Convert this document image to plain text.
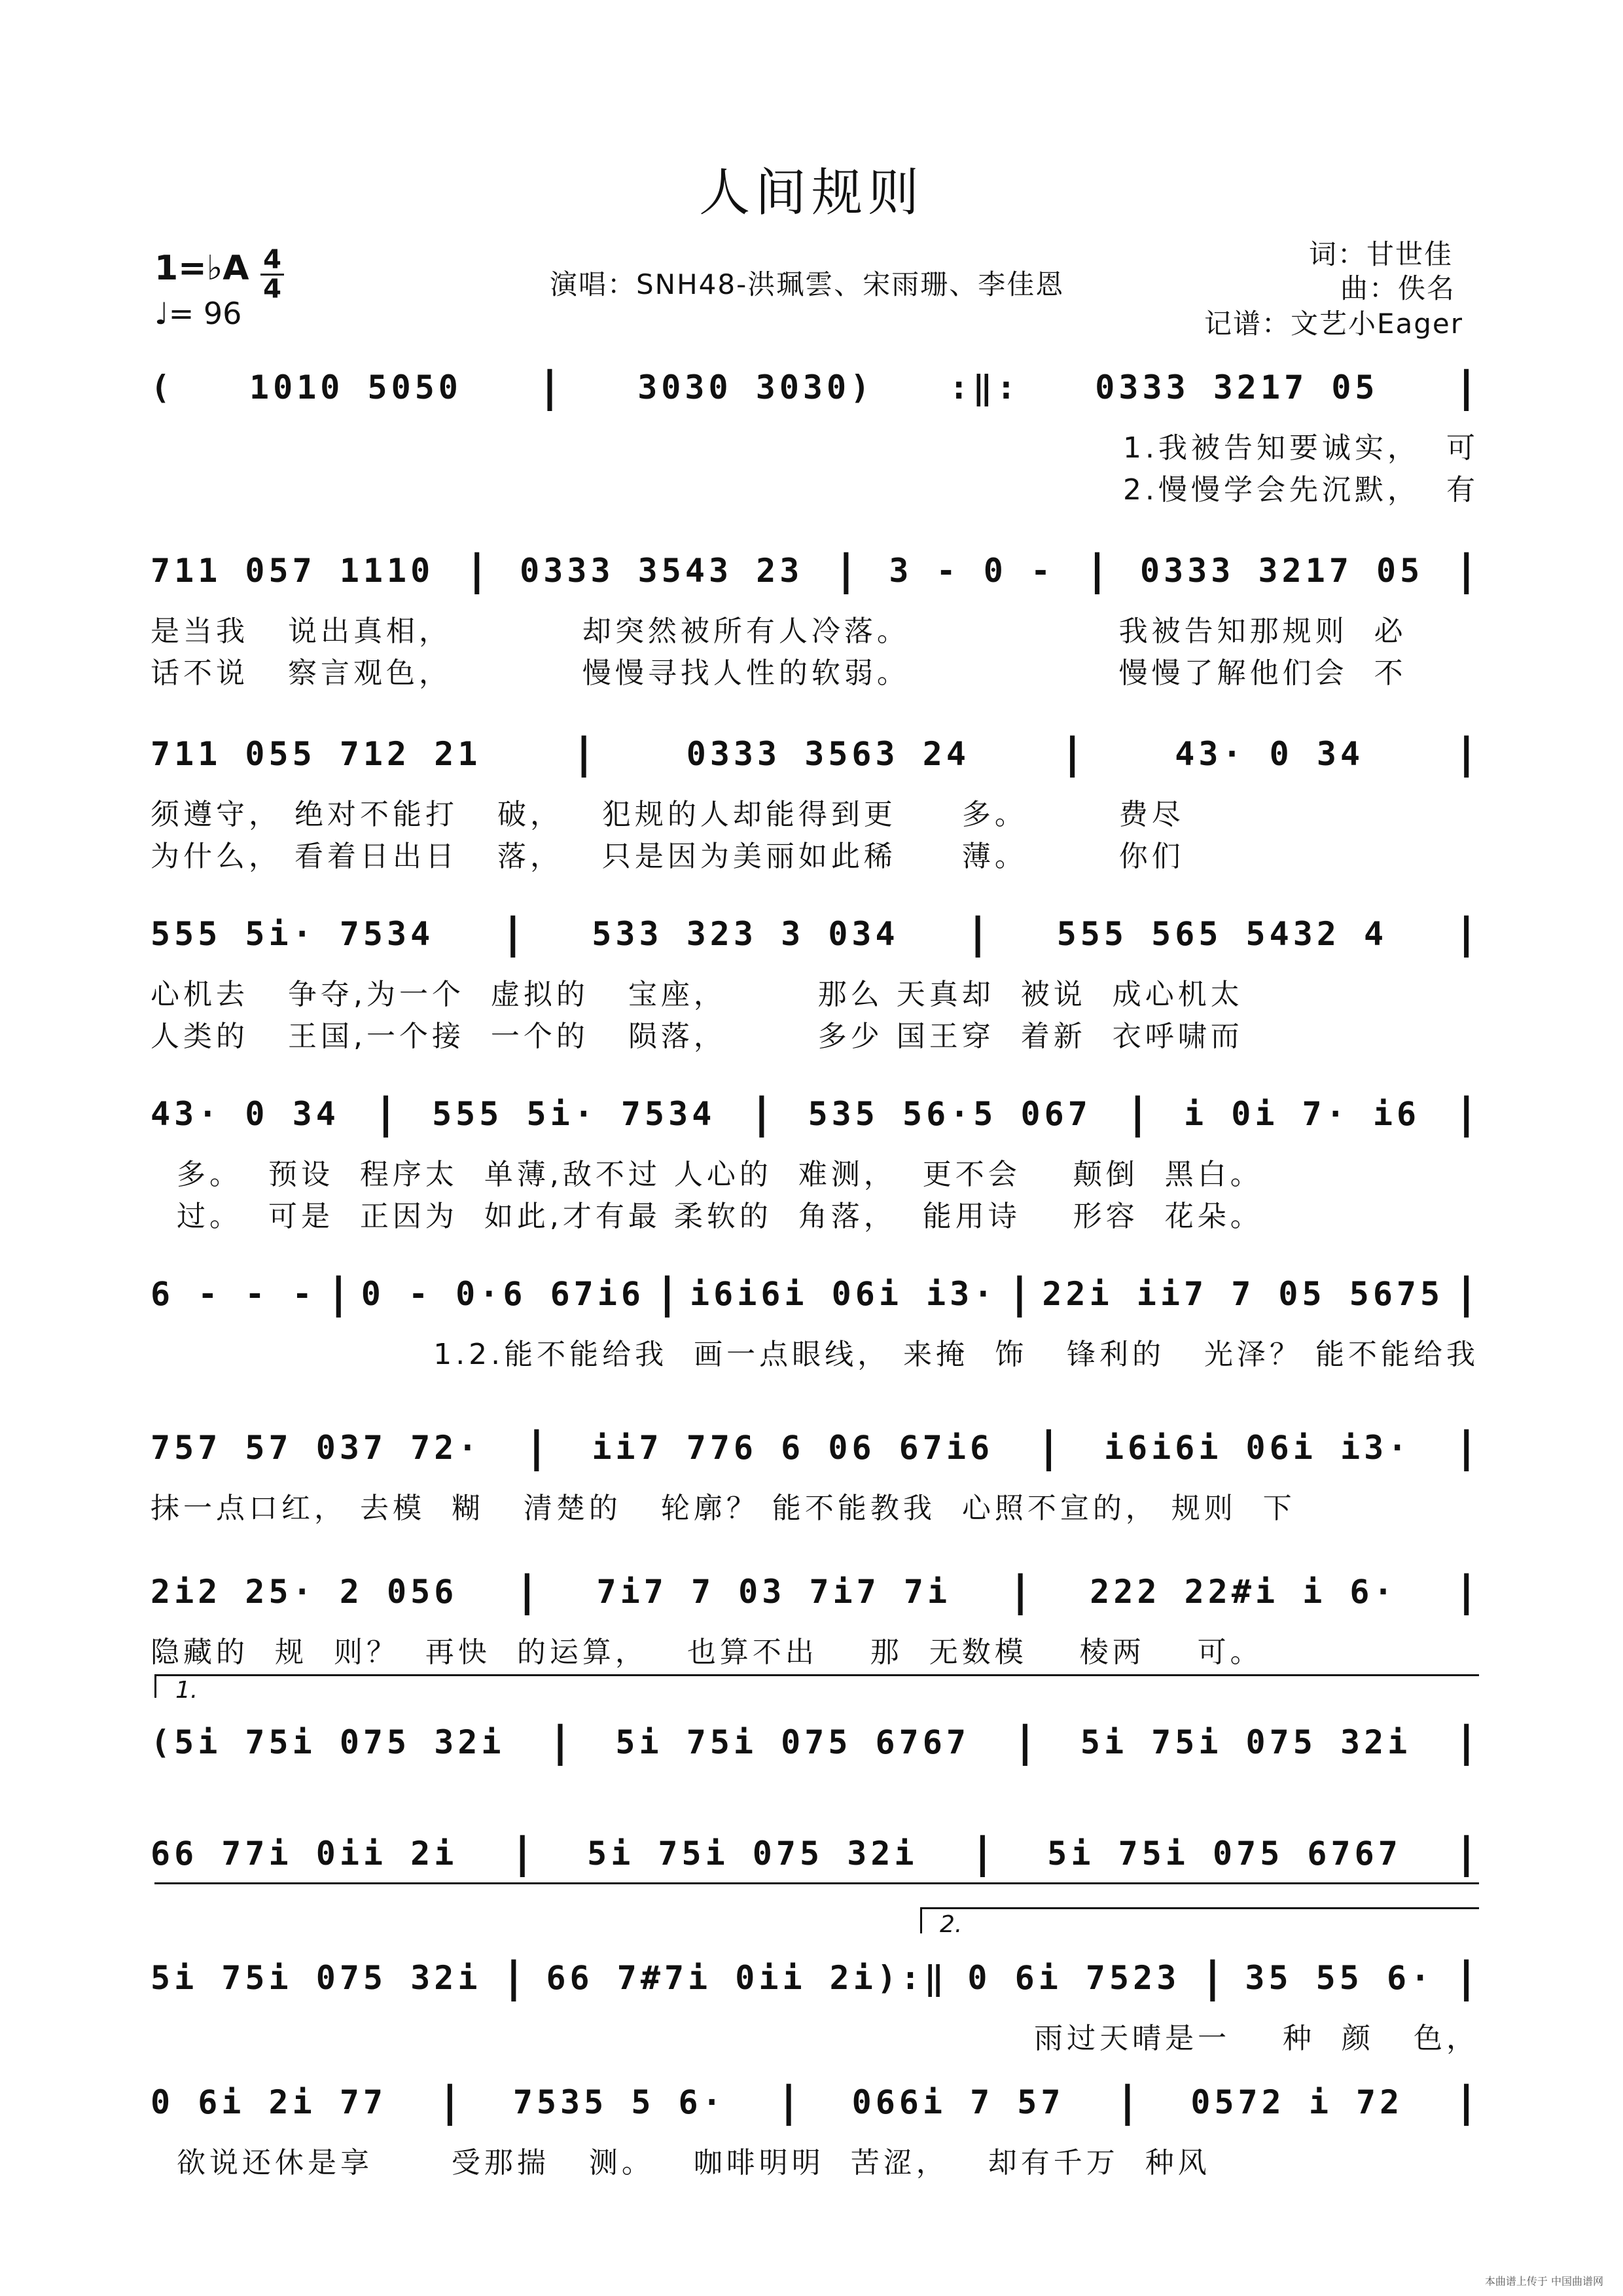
人间规则
1=♭A 4
4
♩= 96
演唱：SNH48-洪珮雲、宋雨珊、李佳恩
词：甘世佳
曲：佚名
记谱：文艺小Eager
( 1010 5050 | 3030 3030) :‖: 0333 3217 05 |
1.我被告知要诚实，  可
2.慢慢学会先沉默，  有
711 057 1110 | 0333 3543 23 | 3 - 0 - | 0333 3217 05 |
是当我   说出真相，          却突然被所有人冷落。                我被告知那规则  必
话不说   察言观色，          慢慢寻找人性的软弱。                慢慢了解他们会  不
711 055 712 21 |	0333 3563 24 |	43· 0 34 |
须遵守， 绝对不能打   破，   犯规的人却能得到更     多。       费尽
为什么， 看着日出日   落，   只是因为美丽如此稀     薄。       你们
555 5i· 7534 | 533 323 3 034 | 555 565 5432 4 |
心机去   争夺,为一个  虚拟的   宝座，       那么 天真却  被说  成心机太
人类的   王国,一个接  一个的   陨落，       多少 国王穿  着新  衣呼啸而
43· 0 34 | 555 5i· 7534 | 535 56·5 067 | i 0i 7· i6 |
多。  预设  程序太  单薄,敌不过 人心的  难测，  更不会    颠倒  黑白。
过。  可是  正因为  如此,才有最 柔软的  角落，  能用诗    形容  花朵。
6 - - - | 0 - 0·6 67i6 | i6i6i 06i i3· | 22i ii7 7 05 5675 |
1.2.能不能给我  画一点眼线， 来掩  饰   锋利的   光泽？ 能不能给我
757 57 037 72· | ii7 776 6 06 67i6 | i6i6i 06i i3· |
抹一点口红， 去模  糊   清楚的   轮廓？ 能不能教我  心照不宣的， 规则  下
2i2 25· 2 056 | 7i7 7 03 7i7 7i | 222 22#i i 6· |
隐藏的  规  则？  再快  的运算，   也算不出    那  无数模    棱两    可。
(5i 75i 075 32i | 5i 75i 075 6767 | 5i 75i 075 32i |
1.
66 77i 0ii 2i | 5i 75i 075 32i | 5i 75i 075 6767 |
5i 75i 075 32i | 66 7#7i 0ii 2i):‖ 0 6i 7523 | 35 55 6· |
2.
雨过天晴是一    种  颜   色，
0 6i 2i 77 | 7535 5 6· | 066i 7 57 | 0572 i 72 |
欲说还休是享      受那揣   测。   咖啡明明  苦涩，   却有千万  种风
本曲谱上传于 中国曲谱网
